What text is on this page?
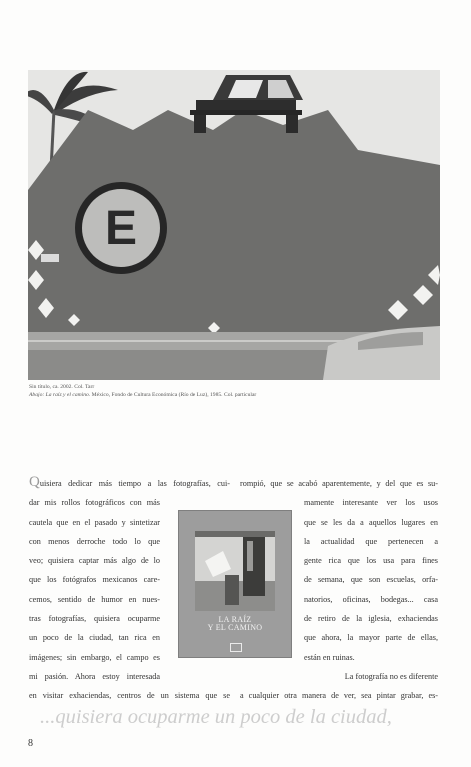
E
Sin título, ca. 2002. Col. Tarr
Abajo: La raíz y el camino. México, Fondo de Cultura Económica (Río de Luz), 1985. Col. particular
Quisiera dedicar más tiempo a las fotografías, cui-
dar mis rollos fotográficos con más
cautela que en el pasado y sintetizar
con menos derroche todo lo que
veo; quisiera captar más algo de lo
que los fotógrafos mexicanos care-
cemos, sentido de humor en nues-
tras fotografías, quisiera ocuparme
un poco de la ciudad, tan rica en
imágenes; sin embargo, el campo es
mi pasión. Ahora estoy interesada
en visitar exhaciendas, centros de un sistema que se
rompió, que se acabó aparentemente, y del que es su-
mamente interesante ver los usos
que se les da a aquellos lugares en
la actualidad que pertenecen a
gente rica que los usa para fines
de semana, que son escuelas, orfa-
natorios, oficinas, bodegas... casa
de retiro de la iglesia, exhaciendas
que ahora, la mayor parte de ellas,
están en ruinas.
La fotografía no es diferente
a cualquier otra manera de ver, sea pintar grabar, es-
LA RAÍZ
Y EL CAMINO
...quisiera ocuparme un poco de la ciudad,
8
